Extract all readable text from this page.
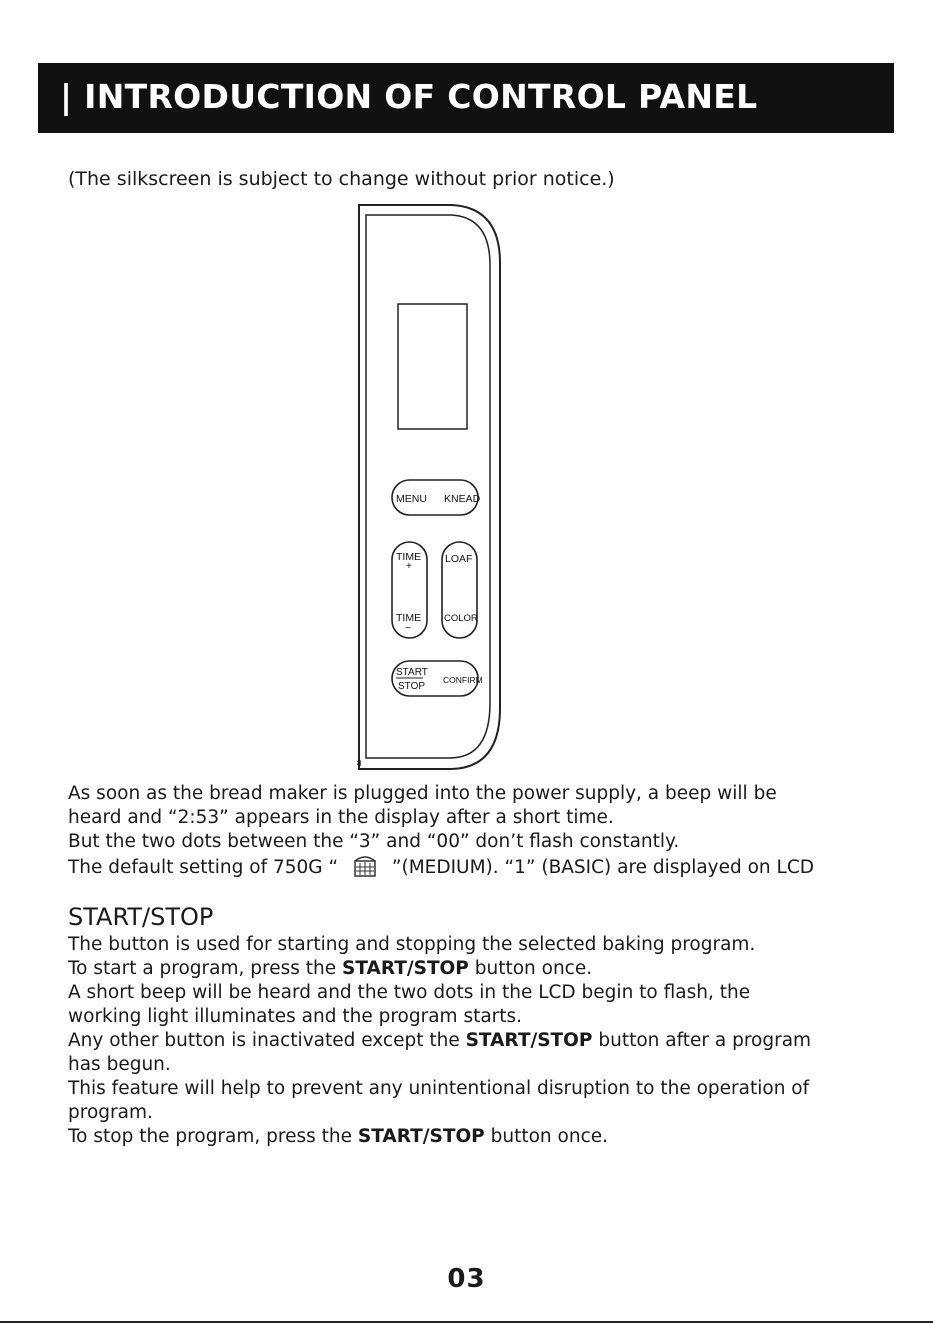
| INTRODUCTION OF CONTROL PANEL
(The silkscreen is subject to change without prior notice.)
8
MENU KNEAD
TIME
+
TIME
−
LOAF
COLOR
START
STOP
CONFIRM
As soon as the bread maker is plugged into the power supply, a beep will be
heard and “2:53” appears in the display after a short time.
But the two dots between the “3” and “00” don’t flash constantly.
The default setting of 750G “	”(MEDIUM). “1” (BASIC) are displayed on LCD
START/STOP
The button is used for starting and stopping the selected baking program.
To start a program, press the START/STOP button once.
A short beep will be heard and the two dots in the LCD begin to flash, the
working light illuminates and the program starts.
Any other button is inactivated except the START/STOP button after a program
has begun.
This feature will help to prevent any unintentional disruption to the operation of
program.
To stop the program, press the START/STOP button once.
03
